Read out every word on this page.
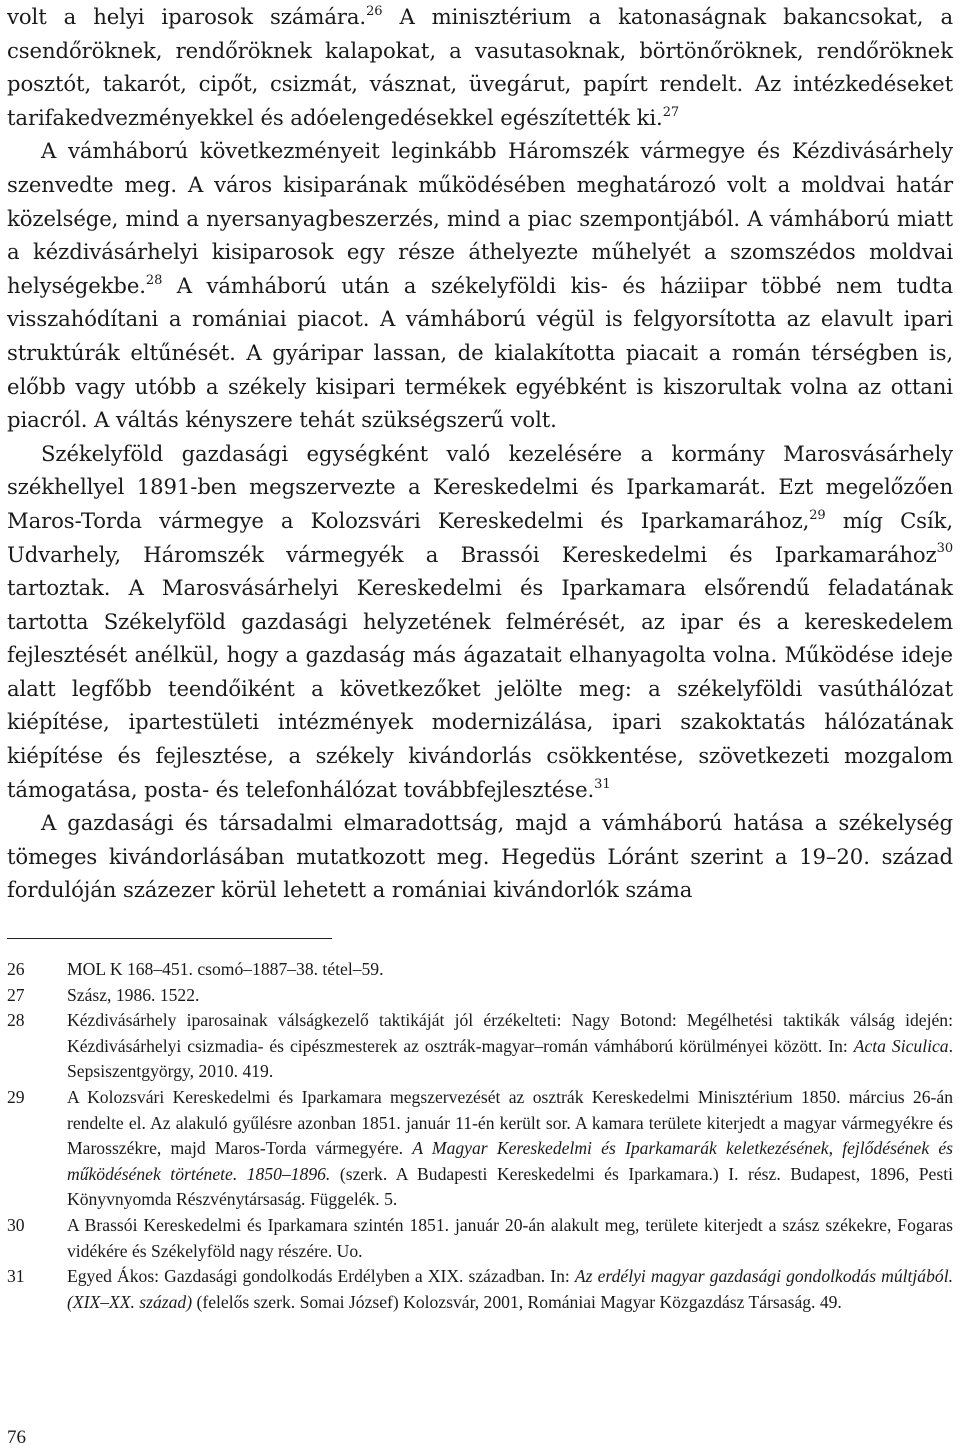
volt a helyi iparosok számára.$^{26}$ A minisztérium a katonaságnak bakancsokat, a csendőröknek, rendőröknek kalapokat, a vasutasoknak, börtönőröknek, rendőröknek posztót, takarót, cipőt, csizmát, vásznat, üvegárut, papírt rendelt. Az intézkedéseket tarifakedvezményekkel és adóelengedésekkel egészítették ki.$^{27}$

A vámháború következményeit leginkább Háromszék vármegye és Kézdivásárhely szenvedte meg. A város kisiparának működésében meghatározó volt a moldvai határ közelsége, mind a nyersanyagbeszerzés, mind a piac szempontjából. A vámháború miatt a kézdivásárhelyi kisiparosok egy része áthelyezte műhelyét a szomszédos moldvai helységekbe.$^{28}$ A vámháború után a székelyföldi kis- és háziipar többé nem tudta visszahódítani a romániai piacot. A vámháború végül is felgyorsította az elavult ipari struktúrák eltűnését. A gyáripar lassan, de kialakította piacait a román térségben is, előbb vagy utóbb a székely kisipari termékek egyébként is kiszorultak volna az ottani piacról. A váltás kényszere tehát szükségszerű volt.

Székelyföld gazdasági egységként való kezelésére a kormány Marosvásárhely székhellyel 1891-ben megszervezte a Kereskedelmi és Iparkamarát. Ezt megelőzően Maros-Torda vármegye a Kolozsvári Kereskedelmi és Iparkamarához,$^{29}$ míg Csík, Udvarhely, Háromszék vármegyék a Brassói Kereskedelmi és Iparkamarához$^{30}$ tartoztak. A Marosvásárhelyi Kereskedelmi és Iparkamara elsőrendű feladatának tartotta Székelyföld gazdasági helyzetének felmérését, az ipar és a kereskedelem fejlesztését anélkül, hogy a gazdaság más ágazatait elhanyagolta volna. Működése ideje alatt legfőbb teendőiként a következőket jelölte meg: a székelyföldi vasúthálózat kiépítése, ipartestületi intézmények modernizálása, ipari szakoktatás hálózatának kiépítése és fejlesztése, a székely kivándorlás csökkentése, szövetkezeti mozgalom támogatása, posta- és telefonhálózat továbbfejlesztése.$^{31}$

A gazdasági és társadalmi elmaradottság, majd a vámháború hatása a székelység tömeges kivándorlásában mutatkozott meg. Hegedüs Lóránt szerint a 19–20. század fordulóján százezer körül lehetett a romániai kivándorlók száma

26	MOL K 168–451. csomó–1887–38. tétel–59.
27	Szász, 1986. 1522.
28	Kézdivásárhely iparosainak válságkezelő taktikáját jól érzékelteti: Nagy Botond: Megélhetési taktikák válság idején: Kézdivásárhelyi csizmadia- és cipészmesterek az osztrák-magyar–román vámháború körülményei között. In: Acta Siculica. Sepsiszentgyörgy, 2010. 419.
29	A Kolozsvári Kereskedelmi és Iparkamara megszervezését az osztrák Kereskedelmi Minisztérium 1850. március 26-án rendelte el. Az alakuló gyűlésre azonban 1851. január 11-én került sor. A kamara területe kiterjedt a magyar vármegyékre és Marosszékre, majd Maros-Torda vármegyére. A Magyar Kereskedelmi és Iparkamarák keletkezésének, fejlődésének és működésének története. 1850–1896. (szerk. A Budapesti Kereskedelmi és Iparkamara.) I. rész. Budapest, 1896, Pesti Könyvnyomda Részvénytársaság. Függelék. 5.
30	A Brassói Kereskedelmi és Iparkamara szintén 1851. január 20-án alakult meg, területe kiterjedt a szász székekre, Fogaras vidékére és Székelyföld nagy részére. Uo.
31	Egyed Ákos: Gazdasági gondolkodás Erdélyben a XIX. században. In: Az erdélyi magyar gazdasági gondolkodás múltjából. (XIX–XX. század) (felelős szerk. Somai József) Kolozsvár, 2001, Romániai Magyar Közgazdász Társaság. 49.
76
